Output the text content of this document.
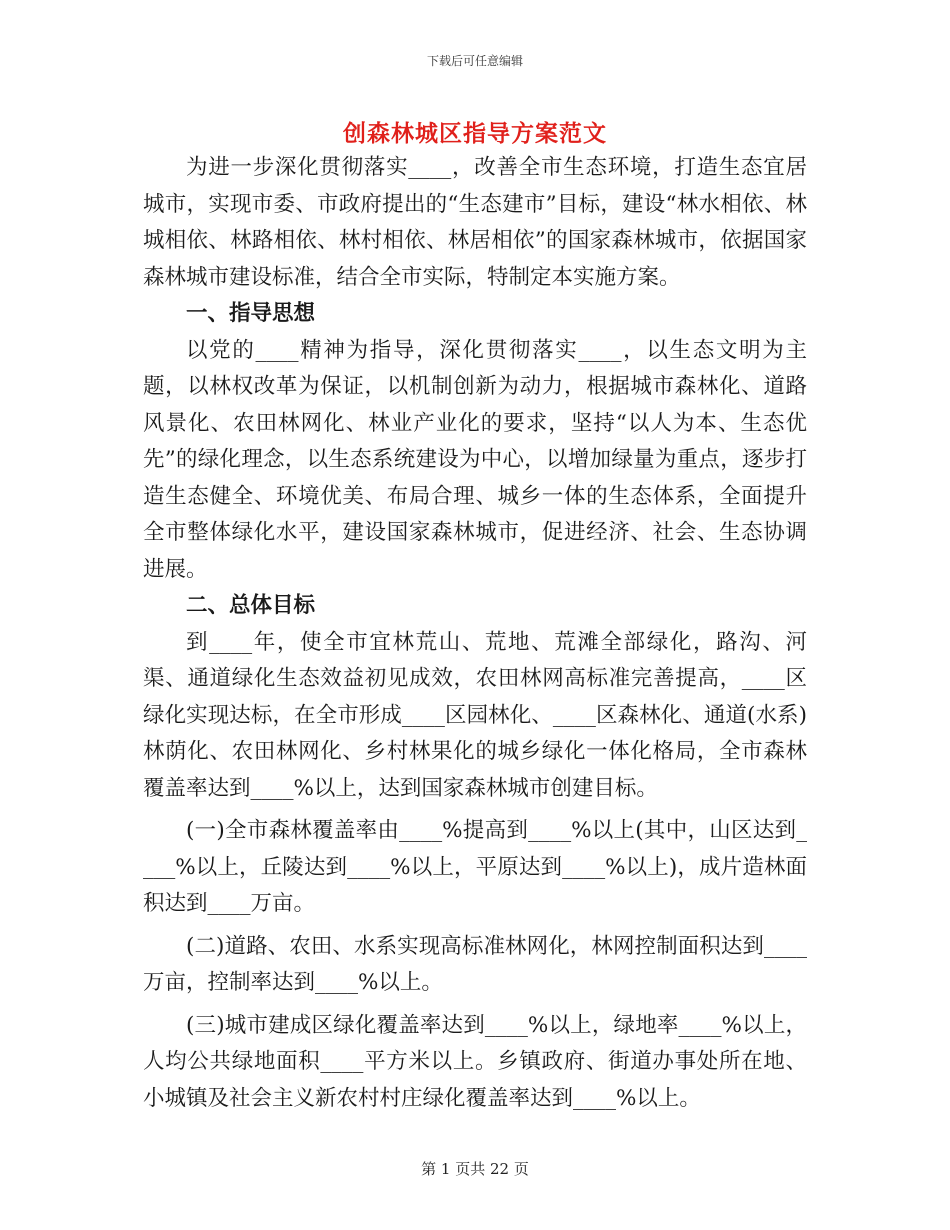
下载后可任意编辑
创森林城区指导方案范文

为进一步深化贯彻落实____，改善全市生态环境，打造生态宜居城市，实现市委、市政府提出的“生态建市”目标，建设“林水相依、林城相依、林路相依、林村相依、林居相依”的国家森林城市，依据国家森林城市建设标准，结合全市实际，特制定本实施方案。

一、指导思想

以党的____精神为指导，深化贯彻落实____，以生态文明为主题，以林权改革为保证，以机制创新为动力，根据城市森林化、道路风景化、农田林网化、林业产业化的要求，坚持“以人为本、生态优先”的绿化理念，以生态系统建设为中心，以增加绿量为重点，逐步打造生态健全、环境优美、布局合理、城乡一体的生态体系，全面提升全市整体绿化水平，建设国家森林城市，促进经济、社会、生态协调进展。

二、总体目标

到____年，使全市宜林荒山、荒地、荒滩全部绿化，路沟、河渠、通道绿化生态效益初见成效，农田林网高标准完善提高，____区绿化实现达标，在全市形成____区园林化、____区森林化、通道(水系)林荫化、农田林网化、乡村林果化的城乡绿化一体化格局，全市森林覆盖率达到____%以上，达到国家森林城市创建目标。

(一)全市森林覆盖率由____%提高到____%以上(其中，山区达到____%以上，丘陵达到____%以上，平原达到____%以上)，成片造林面积达到____万亩。

(二)道路、农田、水系实现高标准林网化，林网控制面积达到____万亩，控制率达到____%以上。

(三)城市建成区绿化覆盖率达到____%以上，绿地率____%以上，人均公共绿地面积____平方米以上。乡镇政府、街道办事处所在地、小城镇及社会主义新农村村庄绿化覆盖率达到____%以上。

第 1 页共 22 页
